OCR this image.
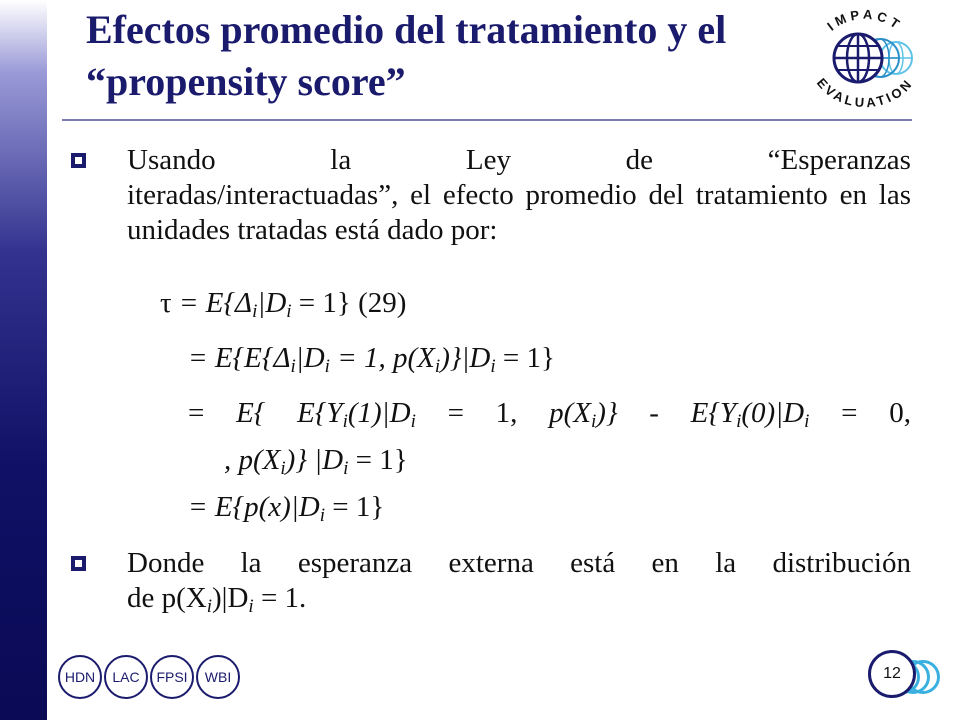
Efectos promedio del tratamiento y el “propensity score”
IMPACT
EVALUATION
Usando	la	Ley	de	“Esperanzas
iteradas/interactuadas”, el efecto promedio del tratamiento en las unidades tratadas está dado por:
$\tau = E\{\Delta_i|D_i = 1\}$ (29)
= $E\{E\{\Delta_i|D_i = 1$, $p(X_i)\}|D_i = 1$}
= E{ $E\{Y_i(1)|D_i = 1$, $p(X_i)\} - E\{Y_i(0)|D_i = 0$,
, $p(X_i)$} $|D_i = 1$}
= $E\{p(x)|D_i = 1\}$
Donde la esperanza externa está en la distribución
de $p(X_i)|D_i = 1$.
HDN	LAC	FPSI	WBI	12
